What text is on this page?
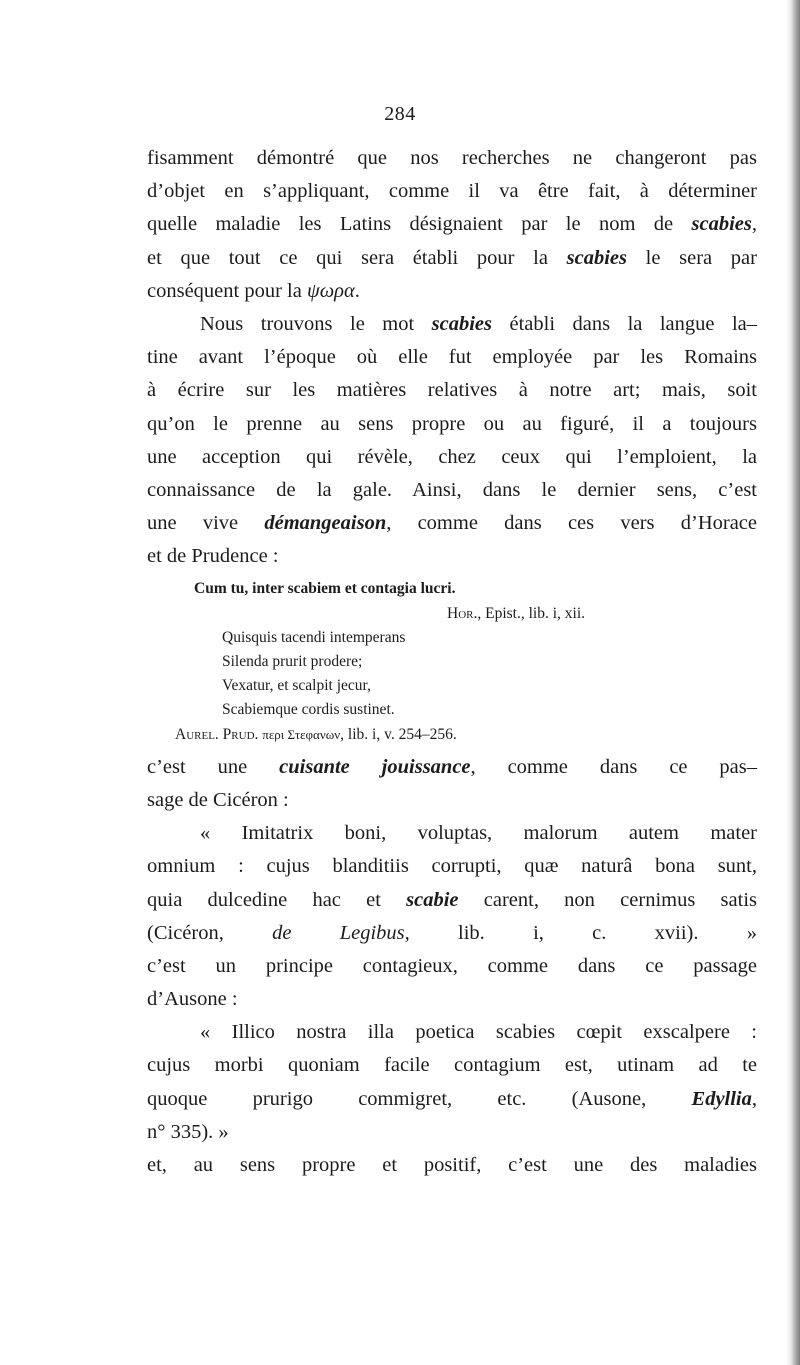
284
fisamment démontré que nos recherches ne changeront pas
d’objet en s’appliquant, comme il va être fait, à déterminer
quelle maladie les Latins désignaient par le nom de scabies,
et que tout ce qui sera établi pour la scabies le sera par
conséquent pour la ψωρα.
Nous trouvons le mot scabies établi dans la langue la–
tine avant l’époque où elle fut employée par les Romains
à écrire sur les matières relatives à notre art; mais, soit
qu’on le prenne au sens propre ou au figuré, il a toujours
une acception qui révèle, chez ceux qui l’emploient, la
connaissance de la gale. Ainsi, dans le dernier sens, c’est
une vive démangeaison, comme dans ces vers d’Horace
et de Prudence :
Cum tu, inter scabiem et contagia lucri.
Hor., Epist., lib. i, xii.
Quisquis tacendi intemperans
Silenda prurit prodere;
Vexatur, et scalpit jecur,
Scabiemque cordis sustinet.
Aurel. Prud. περι Στεφανων, lib. i, v. 254–256.
c’est une cuisante jouissance, comme dans ce pas–
sage de Cicéron :
« Imitatrix boni, voluptas, malorum autem mater
omnium : cujus blanditiis corrupti, quæ naturâ bona sunt,
quia dulcedine hac et scabie carent, non cernimus satis
(Cicéron, de Legibus, lib. i, c. xvii). »
c’est un principe contagieux, comme dans ce passage
d’Ausone :
« Illico nostra illa poetica scabies cœpit exscalpere :
cujus morbi quoniam facile contagium est, utinam ad te
quoque prurigo commigret, etc. (Ausone, Edyllia,
n° 335). »
et, au sens propre et positif, c’est une des maladies
